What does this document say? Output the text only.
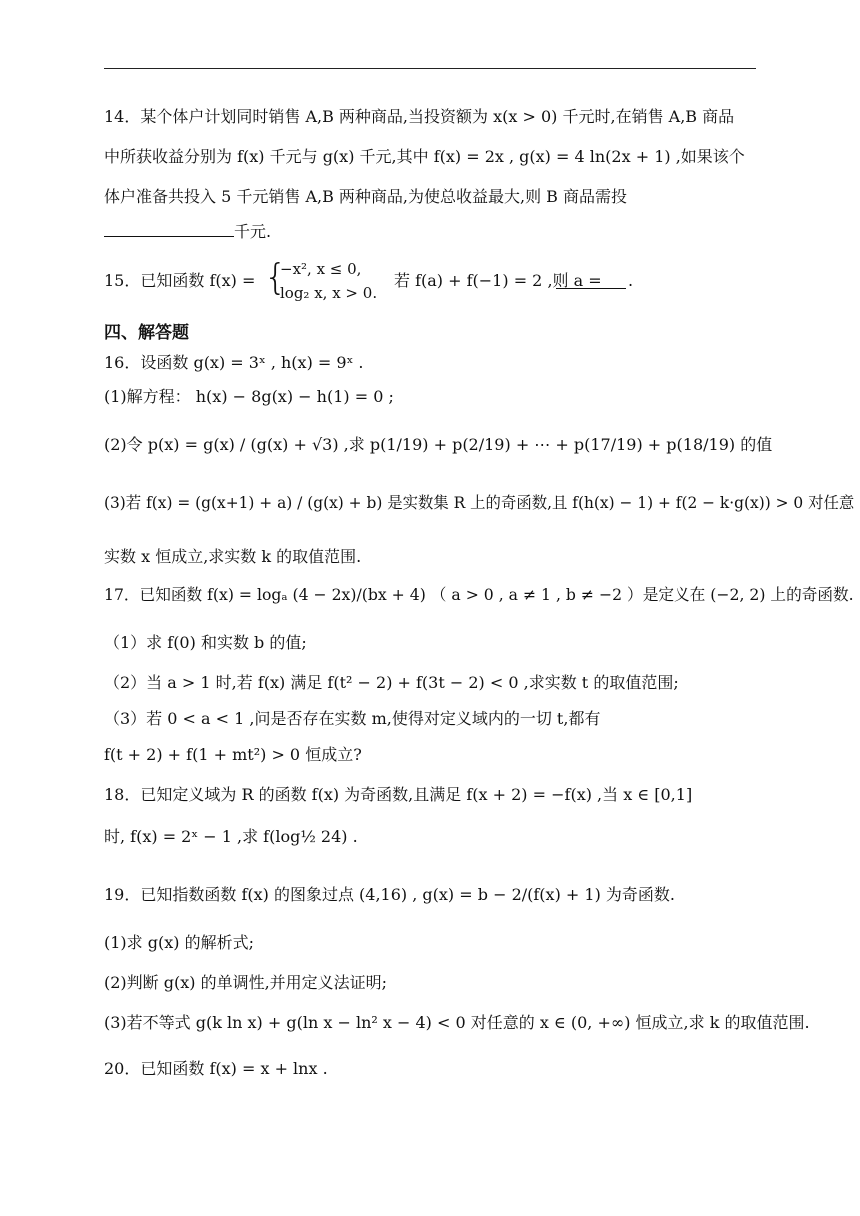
14．某个体户计划同时销售 A,B 两种商品,当投资额为 x(x > 0) 千元时,在销售 A,B 商品
中所获收益分别为 f(x) 千元与 g(x) 千元,其中 f(x) = 2x , g(x) = 4 ln(2x + 1) ,如果该个
体户准备共投入 5 千元销售 A,B 两种商品,为使总收益最大,则 B 商品需投
千元.
15．已知函数 f(x) = {
−x², x ≤ 0,
log₂ x, x > 0.
若 f(a) + f(−1) = 2 ,则 a = .
四、解答题
16．设函数 g(x) = 3ˣ , h(x) = 9ˣ .
(1)解方程： h(x) − 8g(x) − h(1) = 0 ;
(2)令 p(x) = g(x) / (g(x) + √3) ,求 p(1/19) + p(2/19) + ⋯ + p(17/19) + p(18/19) 的值
(3)若 f(x) = (g(x+1) + a) / (g(x) + b) 是实数集 R 上的奇函数,且 f(h(x) − 1) + f(2 − k·g(x)) > 0 对任意
实数 x 恒成立,求实数 k 的取值范围.
17．已知函数 f(x) = logₐ (4 − 2x)/(bx + 4) （ a > 0 , a ≠ 1 , b ≠ −2 ）是定义在 (−2, 2) 上的奇函数.
（1）求 f(0) 和实数 b 的值;
（2）当 a > 1 时,若 f(x) 满足 f(t² − 2) + f(3t − 2) < 0 ,求实数 t 的取值范围;
（3）若 0 < a < 1 ,问是否存在实数 m,使得对定义域内的一切 t,都有
f(t + 2) + f(1 + mt²) > 0 恒成立?
18．已知定义域为 R 的函数 f(x) 为奇函数,且满足 f(x + 2) = −f(x) ,当 x ∈ [0,1]
时, f(x) = 2ˣ − 1 ,求 f(log½ 24) .
19．已知指数函数 f(x) 的图象过点 (4,16) , g(x) = b − 2/(f(x) + 1) 为奇函数.
(1)求 g(x) 的解析式;
(2)判断 g(x) 的单调性,并用定义法证明;
(3)若不等式 g(k ln x) + g(ln x − ln² x − 4) < 0 对任意的 x ∈ (0, +∞) 恒成立,求 k 的取值范围.
20．已知函数 f(x) = x + lnx .
